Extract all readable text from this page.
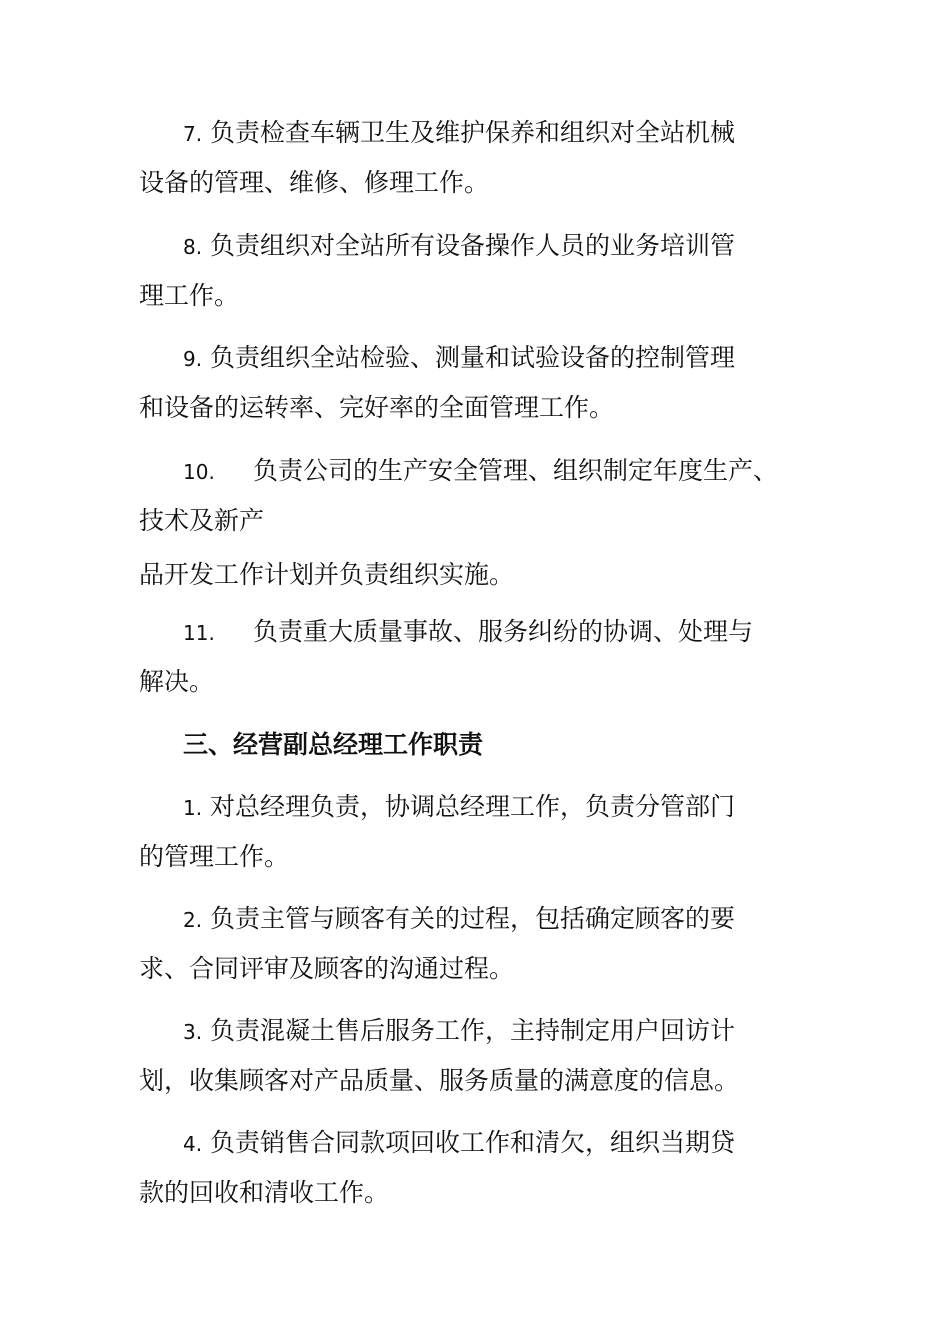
7. 负责检查车辆卫生及维护保养和组织对全站机械
设备的管理、维修、修理工作。
8. 负责组织对全站所有设备操作人员的业务培训管
理工作。
9. 负责组织全站检验、测量和试验设备的控制管理
和设备的运转率、完好率的全面管理工作。
10. 负责公司的生产安全管理、组织制定年度生产、
技术及新产
品开发工作计划并负责组织实施。
11. 负责重大质量事故、服务纠纷的协调、处理与
解决。
三、经营副总经理工作职责
1. 对总经理负责，协调总经理工作，负责分管部门
的管理工作。
2. 负责主管与顾客有关的过程，包括确定顾客的要
求、合同评审及顾客的沟通过程。
3. 负责混凝土售后服务工作，主持制定用户回访计
划，收集顾客对产品质量、服务质量的满意度的信息。
4. 负责销售合同款项回收工作和清欠，组织当期贷
款的回收和清收工作。
